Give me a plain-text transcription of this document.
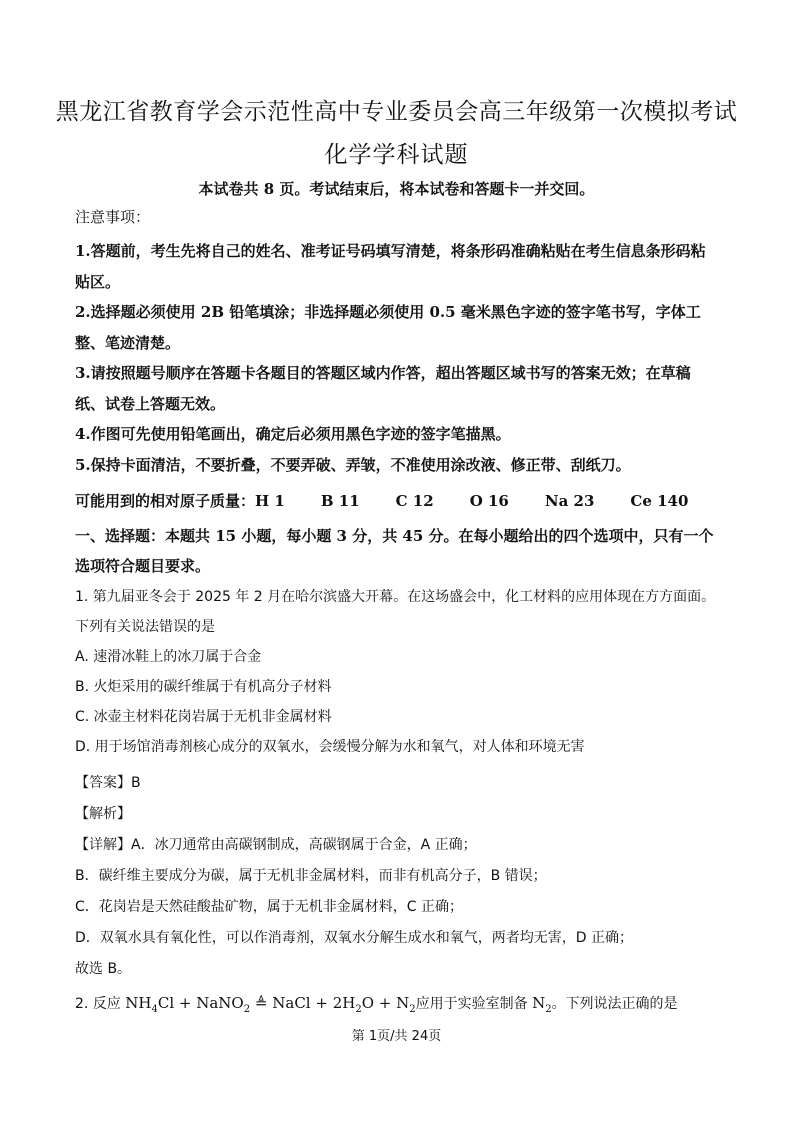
黑龙江省教育学会示范性高中专业委员会高三年级第一次模拟考试
化学学科试题
本试卷共 8 页。考试结束后，将本试卷和答题卡一并交回。
注意事项：

1.答题前，考生先将自己的姓名、准考证号码填写清楚，将条形码准确粘贴在考生信息条形码粘贴区。

2.选择题必须使用 2B 铅笔填涂；非选择题必须使用 0.5 毫米黑色字迹的签字笔书写，字体工整、笔迹清楚。

3.请按照题号顺序在答题卡各题目的答题区域内作答，超出答题区域书写的答案无效；在草稿纸、试卷上答题无效。

4.作图可先使用铅笔画出，确定后必须用黑色字迹的签字笔描黑。

5.保持卡面清洁，不要折叠，不要弄破、弄皱，不准使用涂改液、修正带、刮纸刀。

可能用到的相对原子质量：H 1 B 11 C 12 O 16 Na 23 Ce 140
一、选择题：本题共 15 小题，每小题 3 分，共 45 分。在每小题给出的四个选项中，只有一个选项符合题目要求。

1. 第九届亚冬会于 2025 年 2 月在哈尔滨盛大开幕。在这场盛会中，化工材料的应用体现在方方面面。下列有关说法错误的是

A. 速滑冰鞋上的冰刀属于合金

B. 火炬采用的碳纤维属于有机高分子材料

C. 冰壶主材料花岗岩属于无机非金属材料

D. 用于场馆消毒剂核心成分的双氧水，会缓慢分解为水和氧气，对人体和环境无害

【答案】B

【解析】

【详解】A．冰刀通常由高碳钢制成，高碳钢属于合金，A 正确；

B．碳纤维主要成分为碳，属于无机非金属材料，而非有机高分子，B 错误；

C．花岗岩是天然硅酸盐矿物，属于无机非金属材料，C 正确；

D．双氧水具有氧化性，可以作消毒剂，双氧水分解生成水和氧气，两者均无害，D 正确；

故选 B。

2. 反应 $NH_4Cl$ + NaNO$_2$ ≜ NaCl + $2H_2O + N_2$应用于实验室制备 $N_2$。下列说法正确的是
第 1页/共 24页
